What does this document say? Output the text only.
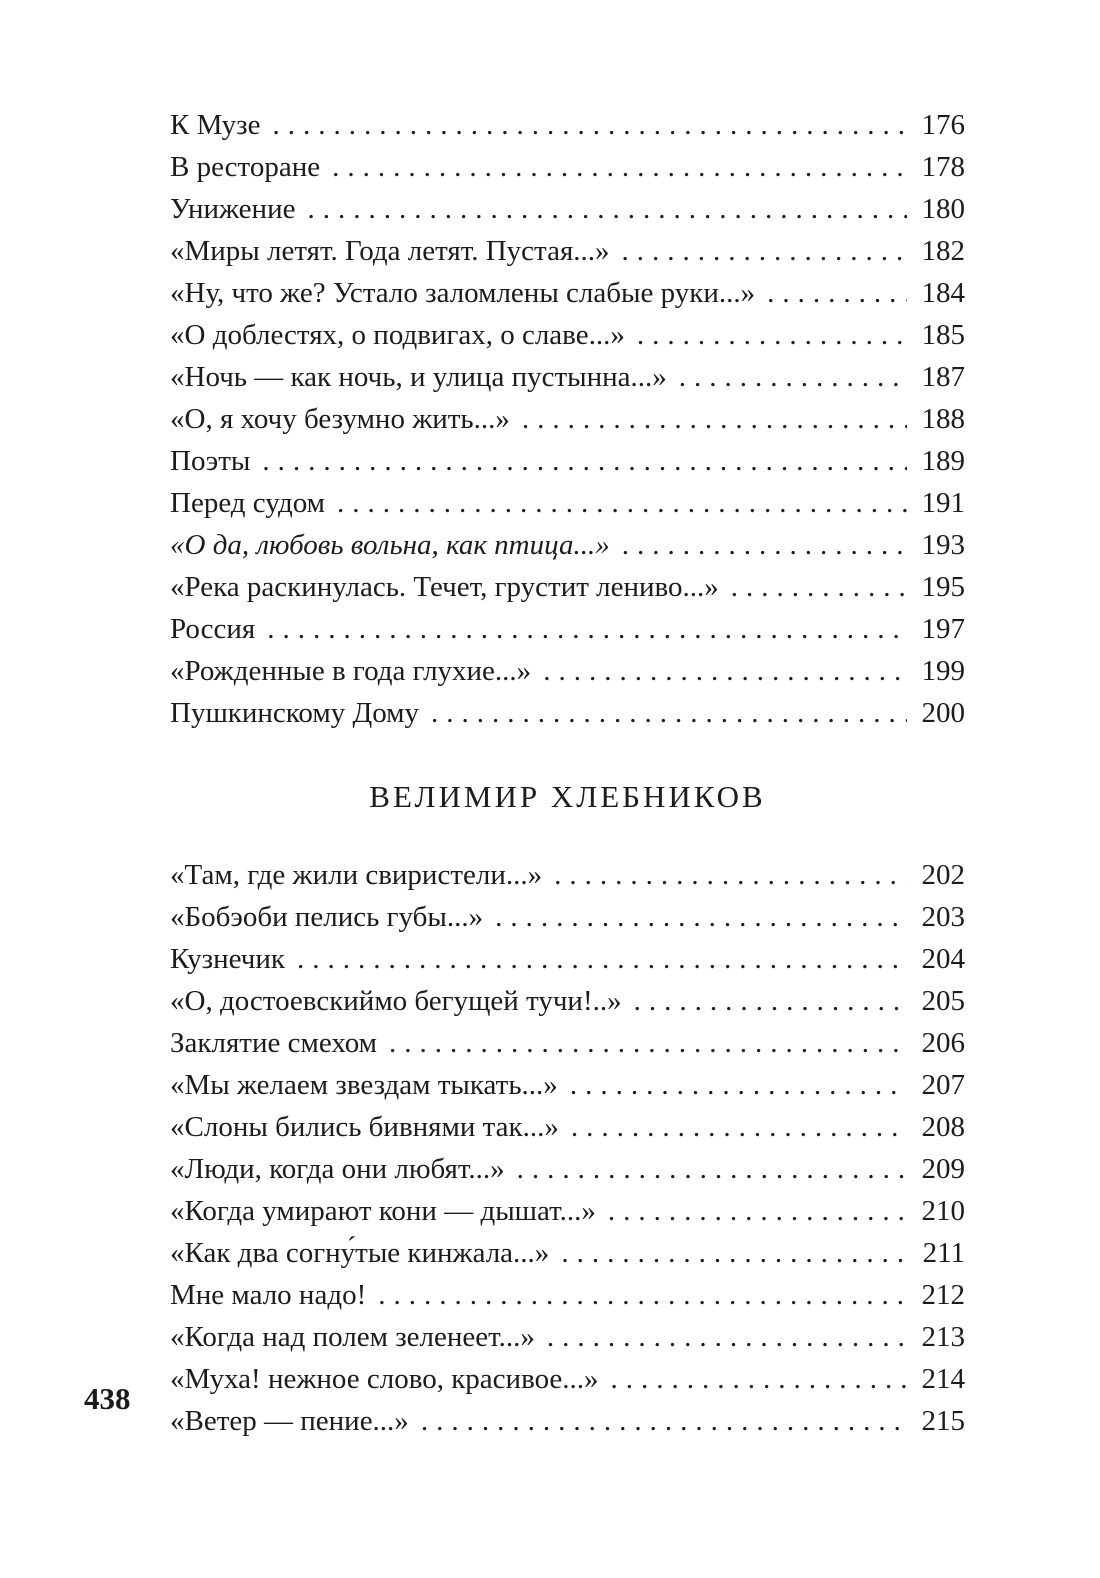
К Музе .....	176
В ресторане .....	178
Унижение .....	180
«Миры летят. Года летят. Пустая...» .....	182
«Ну, что же? Устало заломлены слабые руки...» .....	184
«О доблестях, о подвигах, о славе...» .....	185
«Ночь — как ночь, и улица пустынна...» .....	187
«О, я хочу безумно жить...» .....	188
Поэты .....	189
Перед судом .....	191
«О да, любовь вольна, как птица...» .....	193
«Река раскинулась. Течет, грустит лениво...» .....	195
Россия .....	197
«Рожденные в года глухие...» .....	199
Пушкинскому Дому .....	200
ВЕЛИМИР ХЛЕБНИКОВ
«Там, где жили свиристели...» .....	202
«Бобэоби пелись губы...» .....	203
Кузнечик .....	204
«О, достоевскиймо бегущей тучи!..» .....	205
Заклятие смехом .....	206
«Мы желаем звездам тыкать...» .....	207
«Слоны бились бивнями так...» .....	208
«Люди, когда они любят...» .....	209
«Когда умирают кони — дышат...» .....	210
«Как два согну́тые кинжала...» .....	211
Мне мало надо! .....	212
«Когда над полем зеленеет...» .....	213
«Муха! нежное слово, красивое...» .....	214
«Ветер — пение...» .....	215
438
